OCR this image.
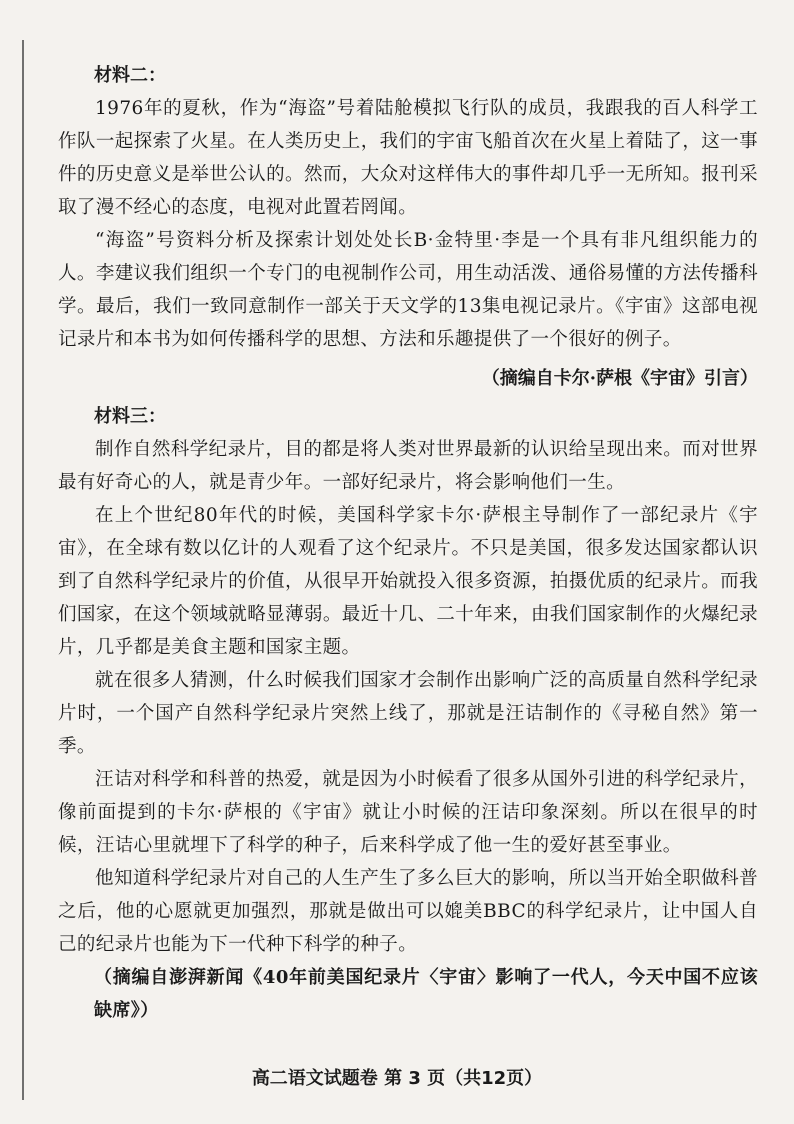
材料二：
1976年的夏秋，作为“海盗”号着陆舱模拟飞行队的成员，我跟我的百人科学工作队一起探索了火星。在人类历史上，我们的宇宙飞船首次在火星上着陆了，这一事件的历史意义是举世公认的。然而，大众对这样伟大的事件却几乎一无所知。报刊采取了漫不经心的态度，电视对此置若罔闻。
“海盗”号资料分析及探索计划处处长B·金特里·李是一个具有非凡组织能力的人。李建议我们组织一个专门的电视制作公司，用生动活泼、通俗易懂的方法传播科学。最后，我们一致同意制作一部关于天文学的13集电视记录片。《宇宙》这部电视记录片和本书为如何传播科学的思想、方法和乐趣提供了一个很好的例子。
（摘编自卡尔·萨根《宇宙》引言）
材料三：
制作自然科学纪录片，目的都是将人类对世界最新的认识给呈现出来。而对世界最有好奇心的人，就是青少年。一部好纪录片，将会影响他们一生。
在上个世纪80年代的时候，美国科学家卡尔·萨根主导制作了一部纪录片《宇宙》，在全球有数以亿计的人观看了这个纪录片。不只是美国，很多发达国家都认识到了自然科学纪录片的价值，从很早开始就投入很多资源，拍摄优质的纪录片。而我们国家，在这个领域就略显薄弱。最近十几、二十年来，由我们国家制作的火爆纪录片，几乎都是美食主题和国家主题。
就在很多人猜测，什么时候我们国家才会制作出影响广泛的高质量自然科学纪录片时，一个国产自然科学纪录片突然上线了，那就是汪诘制作的《寻秘自然》第一季。
汪诘对科学和科普的热爱，就是因为小时候看了很多从国外引进的科学纪录片，像前面提到的卡尔·萨根的《宇宙》就让小时候的汪诘印象深刻。所以在很早的时候，汪诘心里就埋下了科学的种子，后来科学成了他一生的爱好甚至事业。
他知道科学纪录片对自己的人生产生了多么巨大的影响，所以当开始全职做科普之后，他的心愿就更加强烈，那就是做出可以媲美BBC的科学纪录片，让中国人自己的纪录片也能为下一代种下科学的种子。
（摘编自澎湃新闻《40年前美国纪录片〈宇宙〉影响了一代人，今天中国不应该缺席》）
高二语文试题卷 第 3 页（共12页）
